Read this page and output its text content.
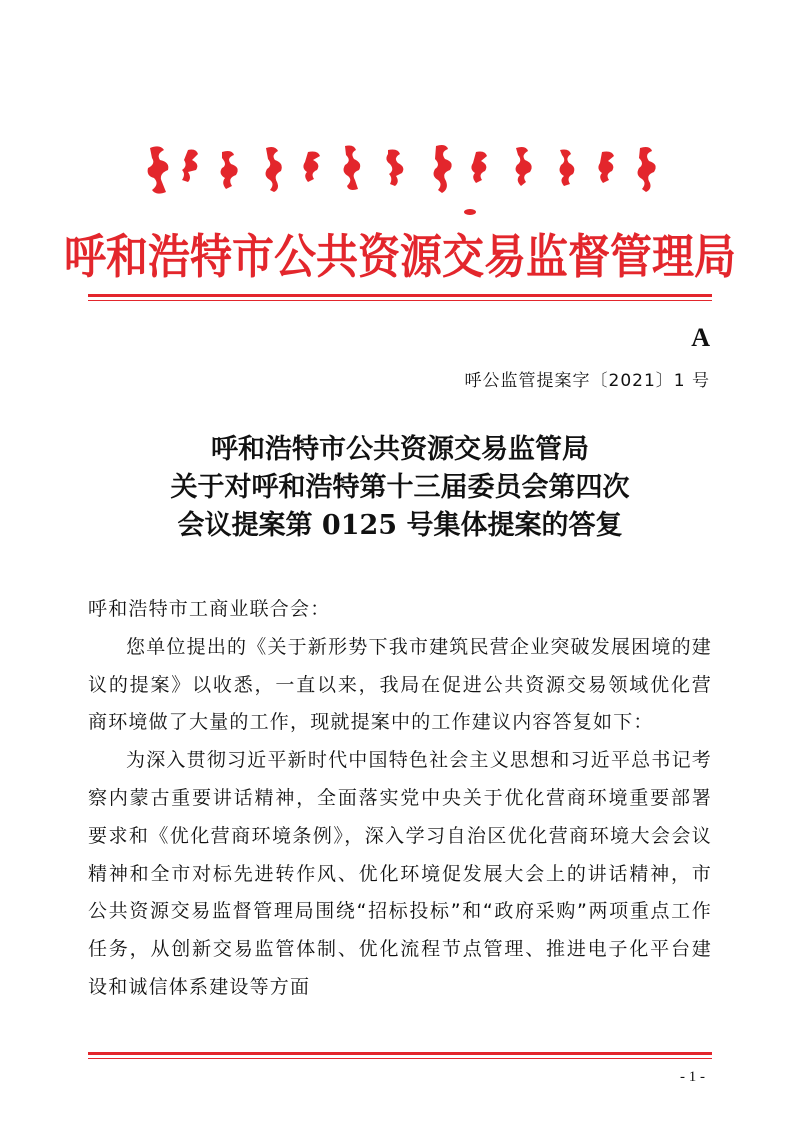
呼和浩特市公共资源交易监督管理局
A
呼公监管提案字〔2021〕1 号
呼和浩特市公共资源交易监管局
关于对呼和浩特第十三届委员会第四次
会议提案第 0125 号集体提案的答复

呼和浩特市工商业联合会：

您单位提出的《关于新形势下我市建筑民营企业突破发展困境的建议的提案》以收悉，一直以来，我局在促进公共资源交易领域优化营商环境做了大量的工作，现就提案中的工作建议内容答复如下：

为深入贯彻习近平新时代中国特色社会主义思想和习近平总书记考察内蒙古重要讲话精神，全面落实党中央关于优化营商环境重要部署要求和《优化营商环境条例》，深入学习自治区优化营商环境大会会议精神和全市对标先进转作风、优化环境促发展大会上的讲话精神，市公共资源交易监督管理局围绕“招标投标”和“政府采购”两项重点工作任务，从创新交易监管体制、优化流程节点管理、推进电子化平台建设和诚信体系建设等方面

- 1 -
